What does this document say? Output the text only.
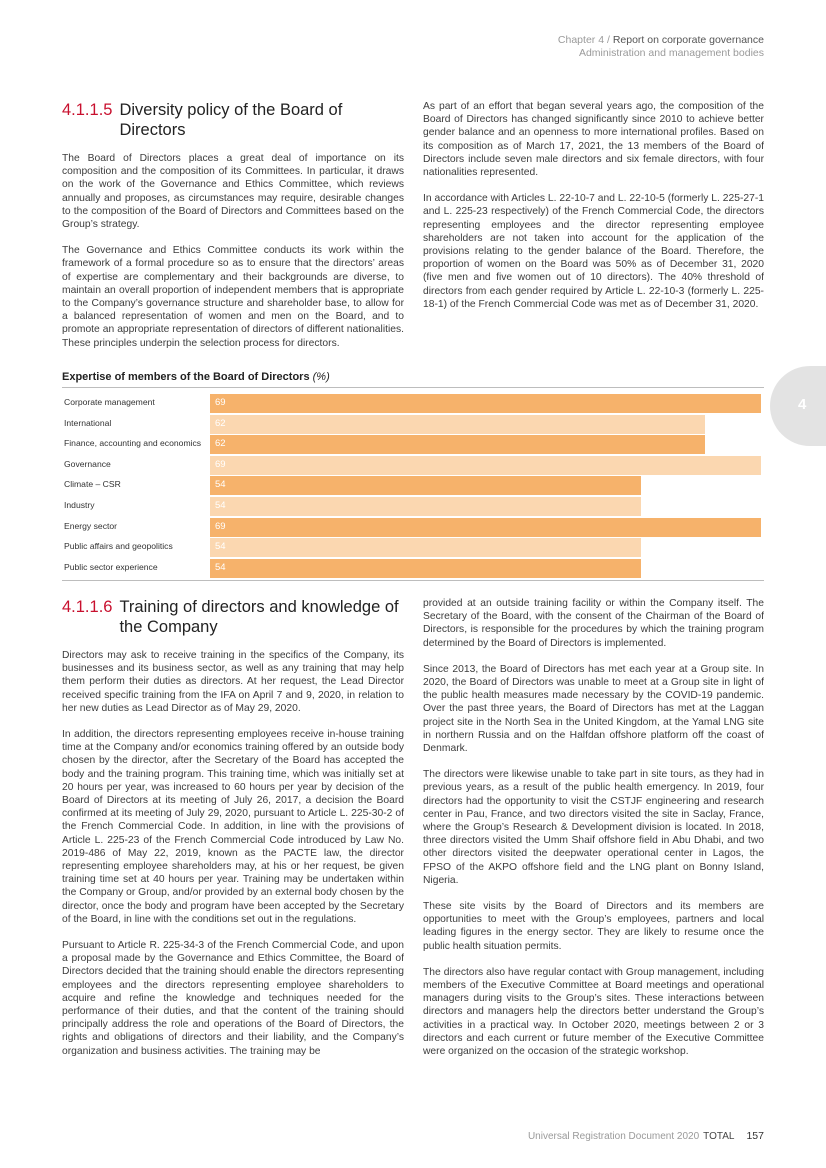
Chapter 4 / Report on corporate governance
Administration and management bodies
4
4.1.1.5 Diversity policy of the Board of Directors

The Board of Directors places a great deal of importance on its composition and the composition of its Committees. In particular, it draws on the work of the Governance and Ethics Committee, which reviews annually and proposes, as circumstances may require, desirable changes to the composition of the Board of Directors and Committees based on the Group’s strategy.

The Governance and Ethics Committee conducts its work within the framework of a formal procedure so as to ensure that the directors’ areas of expertise are complementary and their backgrounds are diverse, to maintain an overall proportion of independent members that is appropriate to the Company’s governance structure and shareholder base, to allow for a balanced representation of women and men on the Board, and to promote an appropriate representation of directors of different nationalities. These principles underpin the selection process for directors.

As part of an effort that began several years ago, the composition of the Board of Directors has changed significantly since 2010 to achieve better gender balance and an openness to more international profiles. Based on its composition as of March 17, 2021, the 13 members of the Board of Directors include seven male directors and six female directors, with four nationalities represented.

In accordance with Articles L. 22-10-7 and L. 22-10-5 (formerly L. 225-27-1 and L. 225-23 respectively) of the French Commercial Code, the directors representing employees and the director representing employee shareholders are not taken into account for the application of the provisions relating to the gender balance of the Board. Therefore, the proportion of women on the Board was 50% as of December 31, 2020 (five men and five women out of 10 directors). The 40% threshold of directors from each gender required by Article L. 22-10-3 (formerly L. 225-18-1) of the French Commercial Code was met as of December 31, 2020.

Expertise of members of the Board of Directors (%)
Corporate management	69
International	62
Finance, accounting and economics 62
Governance	69
Climate – CSR	54
Industry	54
Energy sector	69
Public affairs and geopolitics	54
Public sector experience	54
4.1.1.6 Training of directors and knowledge of the Company

Directors may ask to receive training in the specifics of the Company, its businesses and its business sector, as well as any training that may help them perform their duties as directors. At her request, the Lead Director received specific training from the IFA on April 7 and 9, 2020, in relation to her new duties as Lead Director as of May 29, 2020.

In addition, the directors representing employees receive in-house training time at the Company and/or economics training offered by an outside body chosen by the director, after the Secretary of the Board has accepted the body and the training program. This training time, which was initially set at 20 hours per year, was increased to 60 hours per year by decision of the Board of Directors at its meeting of July 26, 2017, a decision the Board confirmed at its meeting of July 29, 2020, pursuant to Article L. 225-30-2 of the French Commercial Code. In addition, in line with the provisions of Article L. 225-23 of the French Commercial Code introduced by Law No. 2019-486 of May 22, 2019, known as the PACTE law, the director representing employee shareholders may, at his or her request, be given training time set at 40 hours per year. Training may be undertaken within the Company or Group, and/or provided by an external body chosen by the director, once the body and program have been accepted by the Secretary of the Board, in line with the conditions set out in the regulations.

Pursuant to Article R. 225-34-3 of the French Commercial Code, and upon a proposal made by the Governance and Ethics Committee, the Board of Directors decided that the training should enable the directors representing employees and the directors representing employee shareholders to acquire and refine the knowledge and techniques needed for the performance of their duties, and that the content of the training should principally address the role and operations of the Board of Directors, the rights and obligations of directors and their liability, and the Company’s organization and business activities. The training may be

provided at an outside training facility or within the Company itself. The Secretary of the Board, with the consent of the Chairman of the Board of Directors, is responsible for the procedures by which the training program determined by the Board of Directors is implemented.

Since 2013, the Board of Directors has met each year at a Group site. In 2020, the Board of Directors was unable to meet at a Group site in light of the public health measures made necessary by the COVID-19 pandemic. Over the past three years, the Board of Directors has met at the Laggan project site in the North Sea in the United Kingdom, at the Yamal LNG site in northern Russia and on the Halfdan offshore platform off the coast of Denmark.

The directors were likewise unable to take part in site tours, as they had in previous years, as a result of the public health emergency. In 2019, four directors had the opportunity to visit the CSTJF engineering and research center in Pau, France, and two directors visited the site in Saclay, France, where the Group’s Research & Development division is located. In 2018, three directors visited the Umm Shaif offshore field in Abu Dhabi, and two other directors visited the deepwater operational center in Lagos, the FPSO of the AKPO offshore field and the LNG plant on Bonny Island, Nigeria.

These site visits by the Board of Directors and its members are opportunities to meet with the Group’s employees, partners and local leading figures in the energy sector. They are likely to resume once the public health situation permits.

The directors also have regular contact with Group management, including members of the Executive Committee at Board meetings and operational managers during visits to the Group’s sites. These interactions between directors and managers help the directors better understand the Group’s activities in a practical way. In October 2020, meetings between 2 or 3 directors and each current or future member of the Executive Committee were organized on the occasion of the strategic workshop.

Universal Registration Document 2020 TOTAL 157
